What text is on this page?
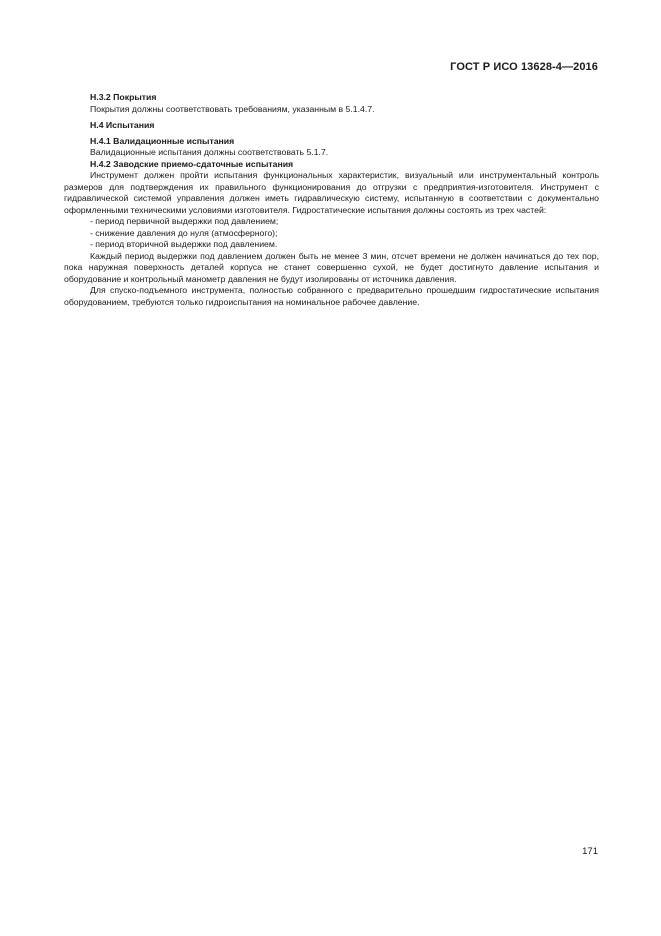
ГОСТ Р ИСО 13628-4—2016

Н.3.2 Покрытия

Покрытия должны соответствовать требованиям, указанным в 5.1.4.7.

Н.4 Испытания

Н.4.1 Валидационные испытания

Валидационные испытания должны соответствовать 5.1.7.

Н.4.2 Заводские приемо-сдаточные испытания

Инструмент должен пройти испытания функциональных характеристик, визуальный или инструментальный контроль размеров для подтверждения их правильного функционирования до отгрузки с предприятия-изготовителя. Инструмент с гидравлической системой управления должен иметь гидравлическую систему, испытанную в соответствии с документально оформленными техническими условиями изготовителя. Гидростатические испытания должны состоять из трех частей:

- период первичной выдержки под давлением;

- снижение давления до нуля (атмосферного);

- период вторичной выдержки под давлением.

Каждый период выдержки под давлением должен быть не менее 3 мин, отсчет времени не должен начинаться до тех пор, пока наружная поверхность деталей корпуса не станет совершенно сухой, не будет достигнуто давление испытания и оборудование и контрольный манометр давления не будут изолированы от источника давления.

Для спуско-подъемного инструмента, полностью собранного с предварительно прошедшим гидростатические испытания оборудованием, требуются только гидроиспытания на номинальное рабочее давление.

171
